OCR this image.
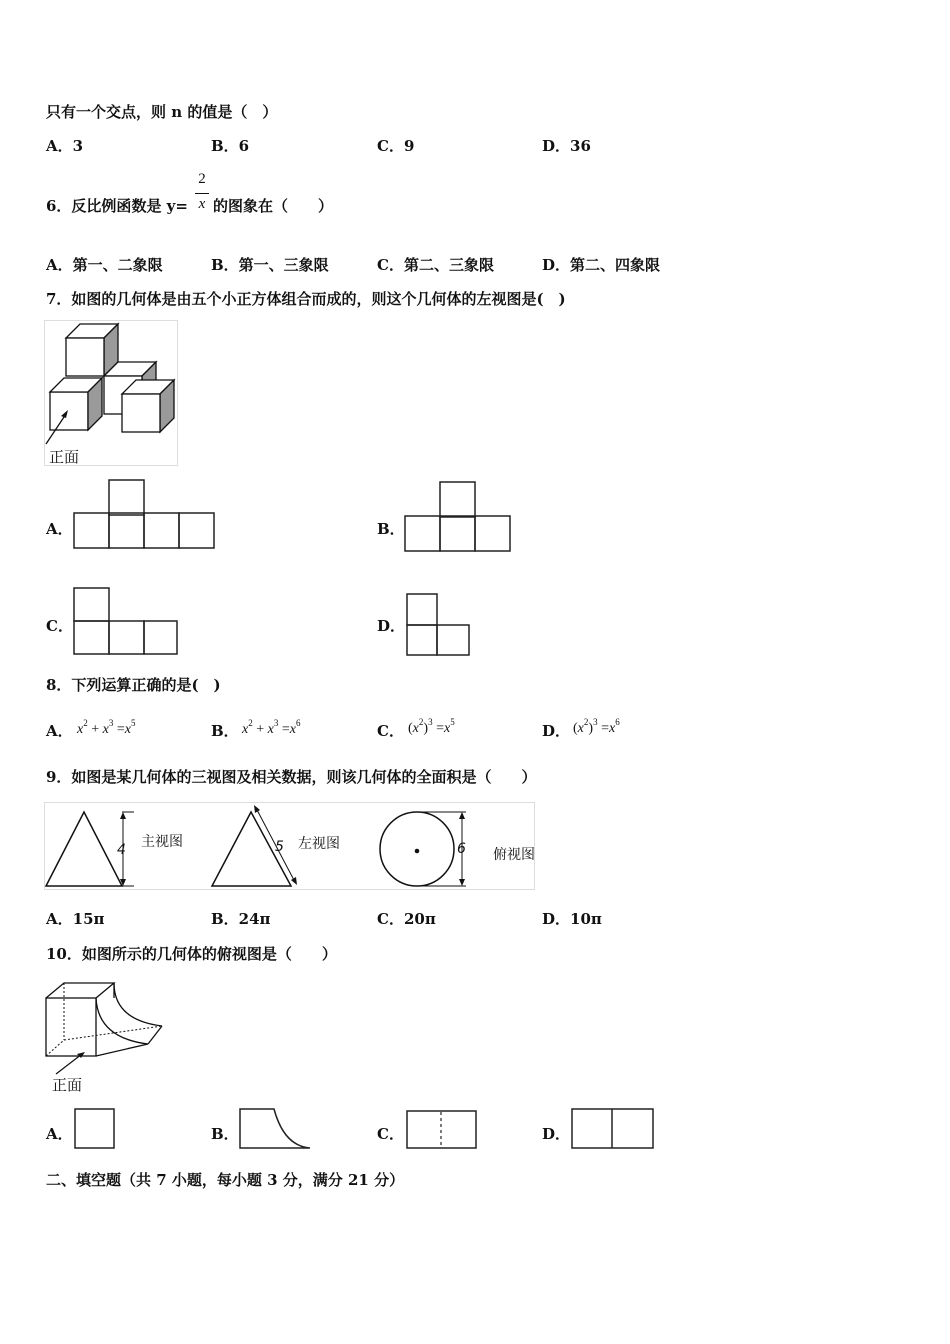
只有一个交点，则 n 的值是（　）
A．3	B．6	C．9	D．36
6．反比例函数是 y=
2
x 的图象在（　　）
A．第一、二象限	B．第一、三象限	C．第二、三象限	D．第二、四象限
7．如图的几何体是由五个小正方体组合而成的，则这个几何体的左视图是(　)
正面
A．	B．
C．	D．
8．下列运算正确的是(　)
A． $x^2 + x^3 =x^5$	B． $x^2 + x^3 =x^6$	C． $(x^2)^3 =x^5$	D． $(x^2)^3 =x^6$
9．如图是某几何体的三视图及相关数据，则该几何体的全面积是（　　）
4 主视图	5 左视图	6 俯视图
A．15π	B．24π	C．20π	D．10π
10．如图所示的几何体的俯视图是（　　）
正面
A．	B．	C．	D．
二、填空题（共 7 小题，每小题 3 分，满分 21 分）
